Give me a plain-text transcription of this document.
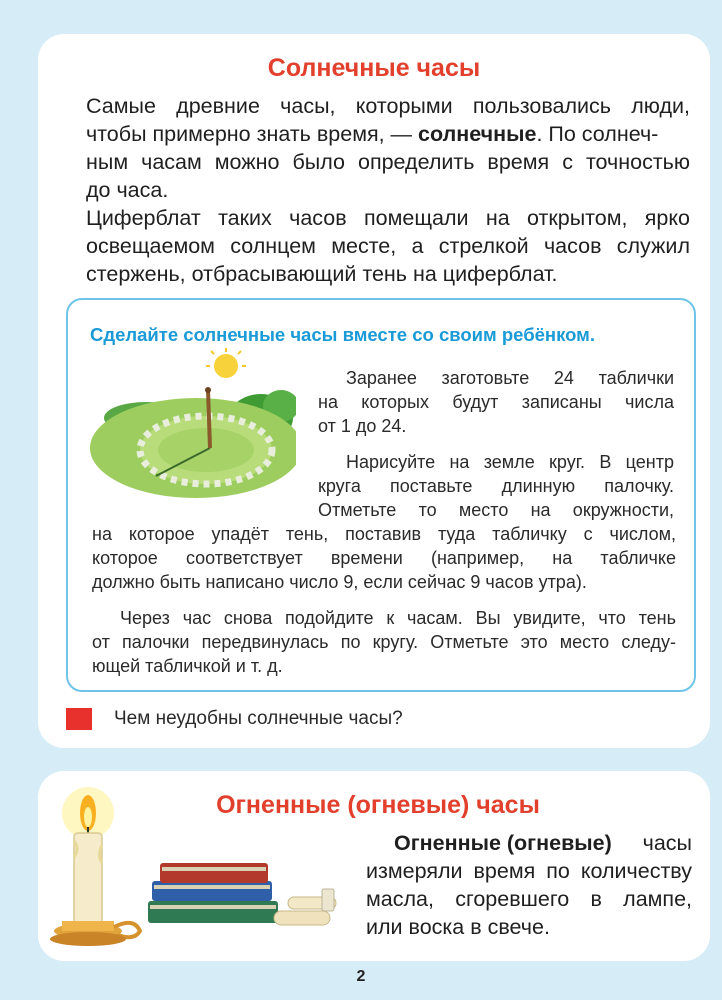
Солнечные часы
Самые древние часы, которыми пользовались люди,
чтобы примерно знать время, — солнечные. По солнеч-
ным часам можно было определить время с точностью
до часа.
Циферблат таких часов помещали на открытом, ярко
освещаемом солнцем месте, а стрелкой часов служил
стержень, отбрасывающий тень на циферблат.
Сделайте солнечные часы вместе со своим ребёнком.
Заранее заготовьте 24 таблички
на которых будут записаны числа
от 1 до 24.
Нарисуйте на земле круг. В центр
круга поставьте длинную палочку.
Отметьте то место на окружности,
на которое упадёт тень, поставив туда табличку с числом,
которое соответствует времени (например, на табличке
должно быть написано число 9, если сейчас 9 часов утра).
Через час снова подойдите к часам. Вы увидите, что тень
от палочки передвинулась по кругу. Отметьте это место следу-
ющей табличкой и т. д.
Чем неудобны солнечные часы?
Огненные (огневые) часы
Огненные (огневые) часы
измеряли время по количеству
масла, сгоревшего в лампе,
или воска в свече.
2
